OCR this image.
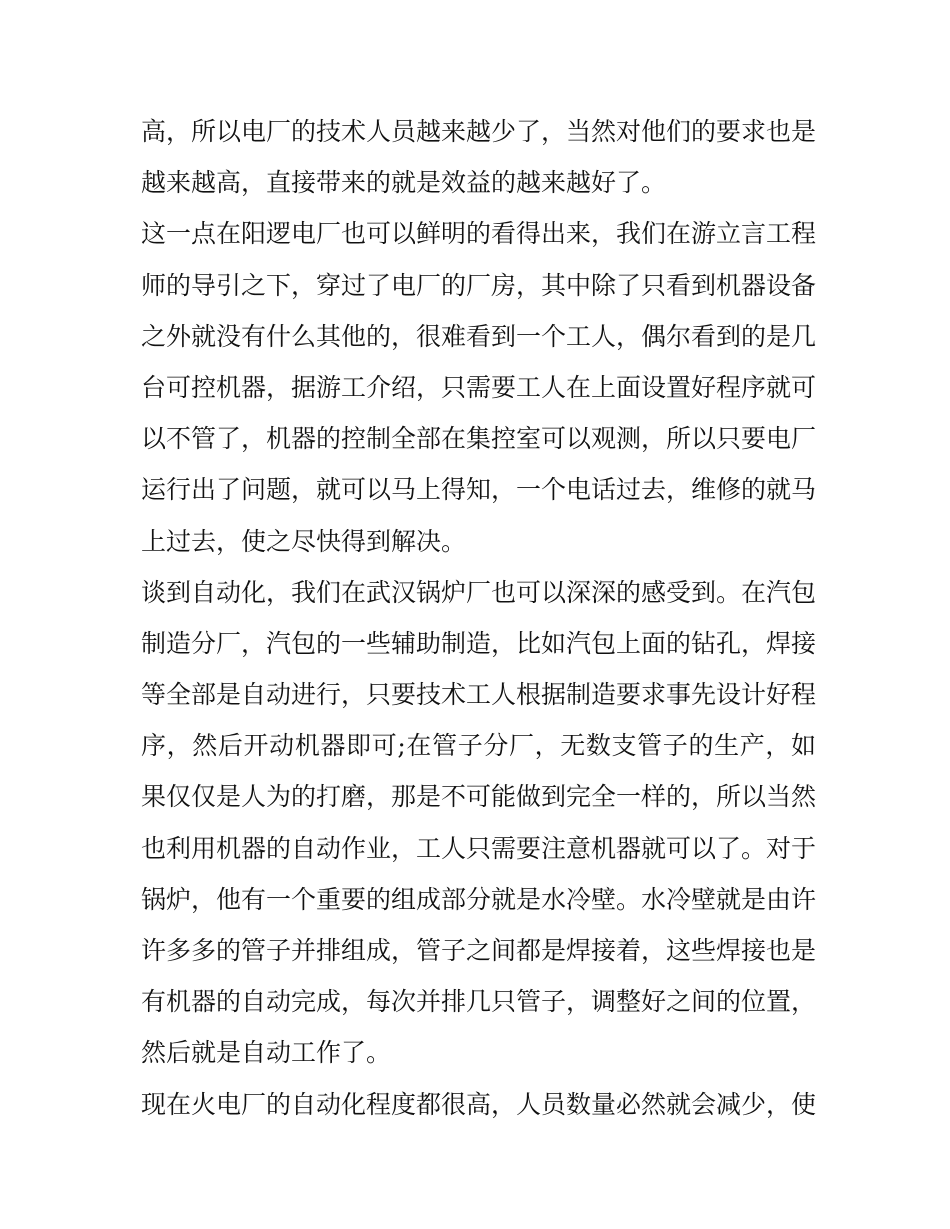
高，所以电厂的技术人员越来越少了，当然对他们的要求也是
越来越高，直接带来的就是效益的越来越好了。
这一点在阳逻电厂也可以鲜明的看得出来，我们在游立言工程
师的导引之下，穿过了电厂的厂房，其中除了只看到机器设备
之外就没有什么其他的，很难看到一个工人，偶尔看到的是几
台可控机器，据游工介绍，只需要工人在上面设置好程序就可
以不管了，机器的控制全部在集控室可以观测，所以只要电厂
运行出了问题，就可以马上得知，一个电话过去，维修的就马
上过去，使之尽快得到解决。
谈到自动化，我们在武汉锅炉厂也可以深深的感受到。在汽包
制造分厂，汽包的一些辅助制造，比如汽包上面的钻孔，焊接
等全部是自动进行，只要技术工人根据制造要求事先设计好程
序，然后开动机器即可;在管子分厂，无数支管子的生产，如
果仅仅是人为的打磨，那是不可能做到完全一样的，所以当然
也利用机器的自动作业，工人只需要注意机器就可以了。对于
锅炉，他有一个重要的组成部分就是水冷壁。水冷壁就是由许
许多多的管子并排组成，管子之间都是焊接着，这些焊接也是
有机器的自动完成，每次并排几只管子，调整好之间的位置，
然后就是自动工作了。
现在火电厂的自动化程度都很高，人员数量必然就会减少，使
